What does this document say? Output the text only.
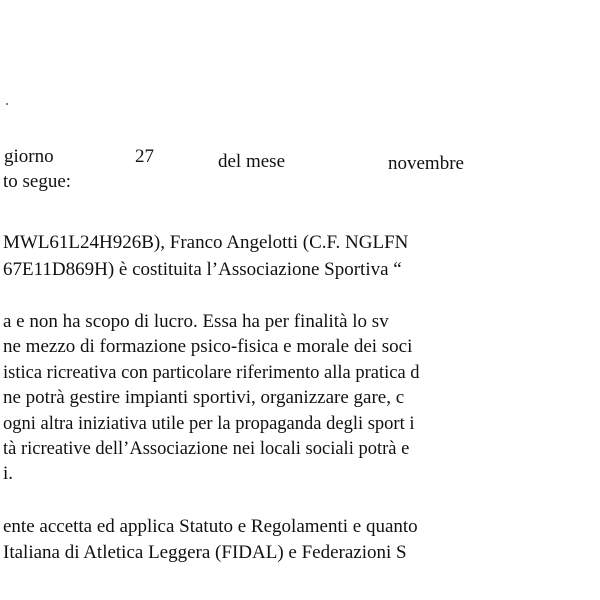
giorno	27	del mese	novembre
to segue:
MWL61L24H926B), Franco Angelotti (C.F. NGLFN
67E11D869H) è costituita l’Associazione Sportiva “
a e non ha scopo di lucro. Essa ha per finalità lo sv
ne mezzo di formazione psico-fisica e morale dei soci
istica ricreativa con particolare riferimento alla pratica d
ne potrà gestire impianti sportivi, organizzare gare, c
ogni altra iniziativa utile per la propaganda degli sport i
tà ricreative dell’Associazione nei locali sociali potrà e
i.
ente accetta ed applica Statuto e Regolamenti e quanto
Italiana di Atletica Leggera (FIDAL) e Federazioni S
